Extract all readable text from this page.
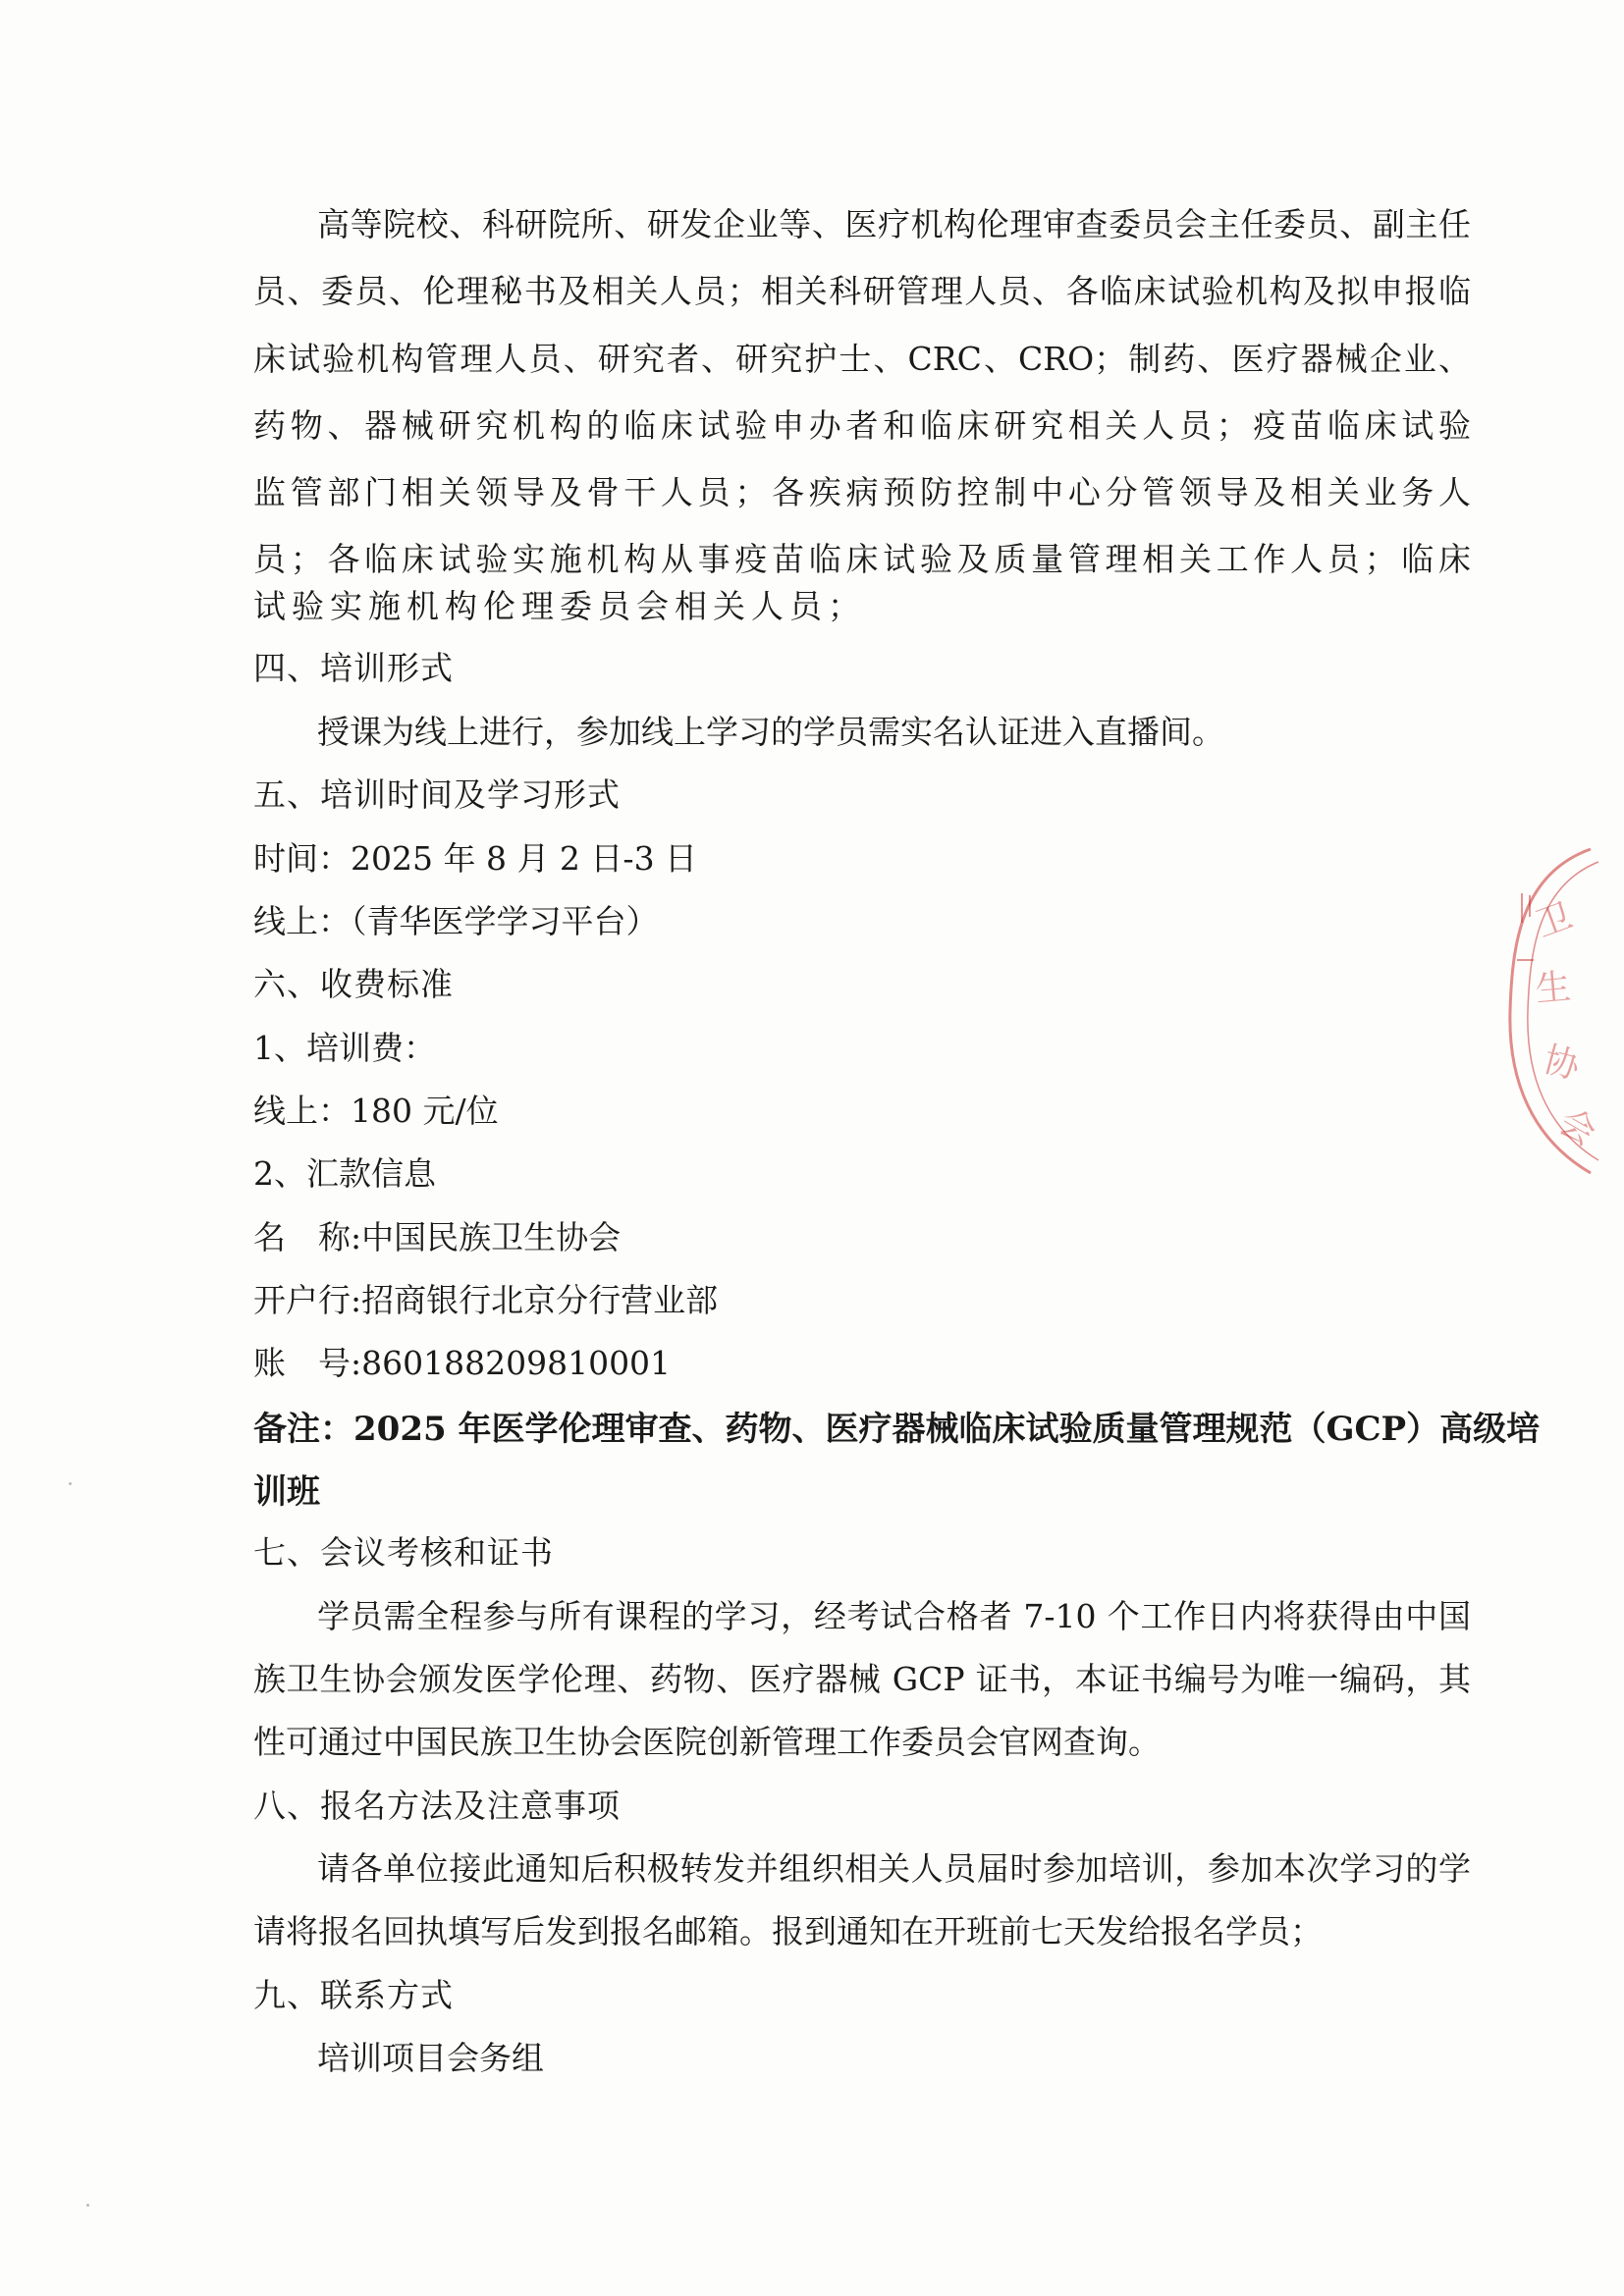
高等院校、科研院所、研发企业等、医疗机构伦理审查委员会主任委员、副主任
员、委员、伦理秘书及相关人员；相关科研管理人员、各临床试验机构及拟申报临
床试验机构管理人员、研究者、研究护士、CRC、CRO；制药、医疗器械企业、
药物、器械研究机构的临床试验申办者和临床研究相关人员；疫苗临床试验
监管部门相关领导及骨干人员；各疾病预防控制中心分管领导及相关业务人
员；各临床试验实施机构从事疫苗临床试验及质量管理相关工作人员；临床
试验实施机构伦理委员会相关人员；
四、培训形式
授课为线上进行，参加线上学习的学员需实名认证进入直播间。
五、培训时间及学习形式
时间：2025 年 8 月 2 日-3 日
线上：（青华医学学习平台）
六、收费标准
1、培训费：
线上：180 元/位
2、汇款信息
名　称:中国民族卫生协会
开户行:招商银行北京分行营业部
账　号:860188209810001
备注：2025 年医学伦理审查、药物、医疗器械临床试验质量管理规范（GCP）高级培
训班
七、会议考核和证书
学员需全程参与所有课程的学习，经考试合格者 7-10 个工作日内将获得由中国
族卫生协会颁发医学伦理、药物、医疗器械 GCP 证书，本证书编号为唯一编码，其
性可通过中国民族卫生协会医院创新管理工作委员会官网查询。
八、报名方法及注意事项
请各单位接此通知后积极转发并组织相关人员届时参加培训，参加本次学习的学
请将报名回执填写后发到报名邮箱。报到通知在开班前七天发给报名学员；
九、联系方式
培训项目会务组
卫
生
协
会
